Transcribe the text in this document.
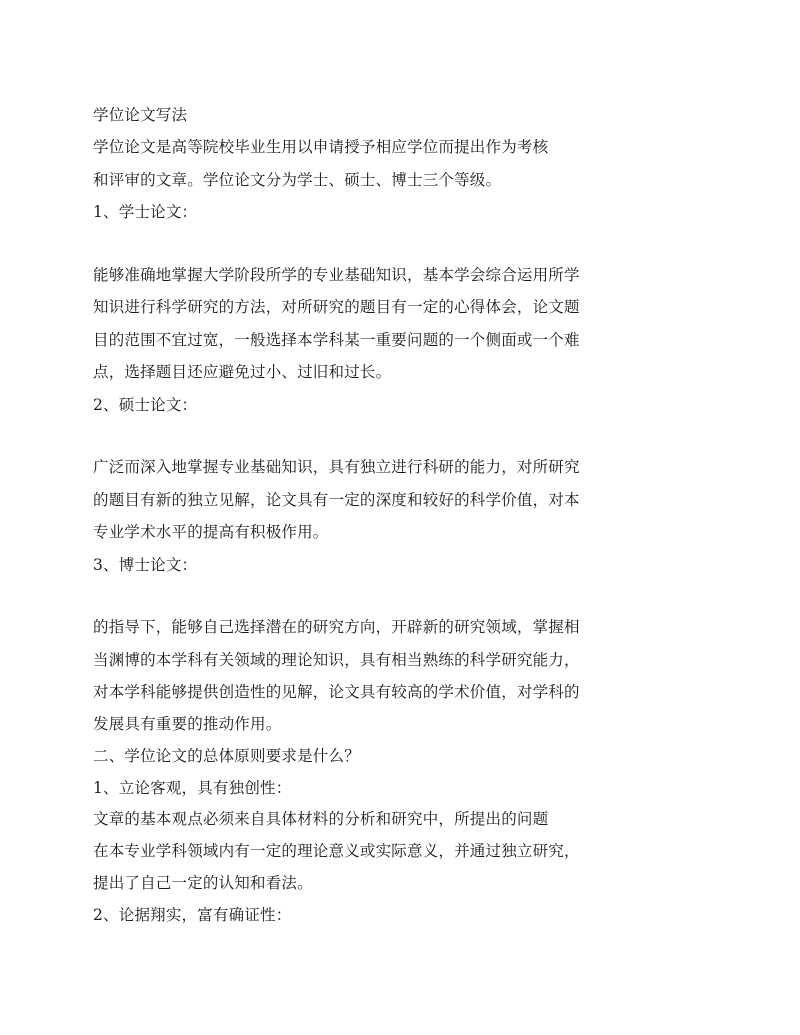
学位论文写法
学位论文是高等院校毕业生用以申请授予相应学位而提出作为考核
和评审的文章。学位论文分为学士、硕士、博士三个等级。
1、学士论文：
能够准确地掌握大学阶段所学的专业基础知识，基本学会综合运用所学
知识进行科学研究的方法，对所研究的题目有一定的心得体会，论文题
目的范围不宜过宽，一般选择本学科某一重要问题的一个侧面或一个难
点，选择题目还应避免过小、过旧和过长。
2、硕士论文：
广泛而深入地掌握专业基础知识，具有独立进行科研的能力，对所研究
的题目有新的独立见解，论文具有一定的深度和较好的科学价值，对本
专业学术水平的提高有积极作用。
3、博士论文：
的指导下，能够自己选择潜在的研究方向，开辟新的研究领域，掌握相
当渊博的本学科有关领域的理论知识，具有相当熟练的科学研究能力，
对本学科能够提供创造性的见解，论文具有较高的学术价值，对学科的
发展具有重要的推动作用。
二、学位论文的总体原则要求是什么？
1、立论客观，具有独创性：
文章的基本观点必须来自具体材料的分析和研究中，所提出的问题
在本专业学科领域内有一定的理论意义或实际意义，并通过独立研究，
提出了自己一定的认知和看法。
2、论据翔实，富有确证性：
